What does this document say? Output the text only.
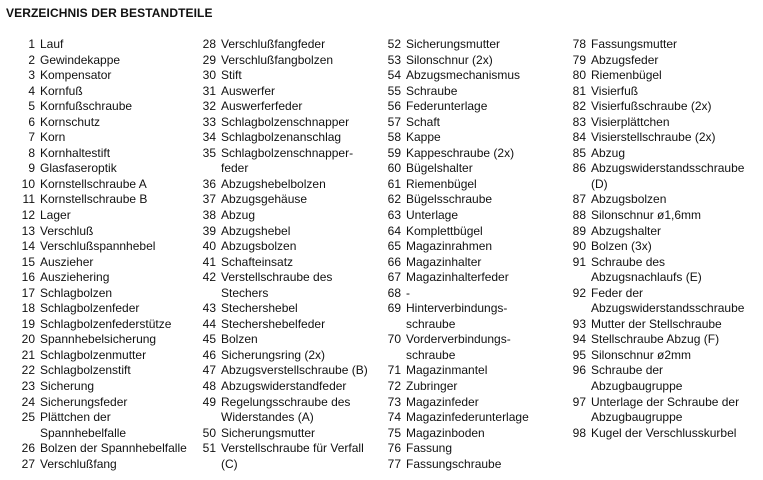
VERZEICHNIS DER BESTANDTEILE
1 Lauf
2 Gewindekappe
3 Kompensator
4 Kornfuß
5 Kornfußschraube
6 Kornschutz
7 Korn
8 Kornhaltestift
9 Glasfaseroptik
10 Kornstellschraube A
11 Kornstellschraube B
12 Lager
13 Verschluß
14 Verschlußspannhebel
15 Auszieher
16 Ausziehering
17 Schlagbolzen
18 Schlagbolzenfeder
19 Schlagbolzenfederstütze
20 Spannhebelsicherung
21 Schlagbolzenmutter
22 Schlagbolzenstift
23 Sicherung
24 Sicherungsfeder
25 Plättchen der
Spannhebelfalle
26 Bolzen der Spannhebelfalle
27 Verschlußfang
28 Verschlußfangfeder
29 Verschlußfangbolzen
30 Stift
31 Auswerfer
32 Auswerferfeder
33 Schlagbolzenschnapper
34 Schlagbolzenanschlag
35 Schlagbolzenschnapper-
feder
36 Abzugshebelbolzen
37 Abzugsgehäuse
38 Abzug
39 Abzugshebel
40 Abzugsbolzen
41 Schafteinsatz
42 Verstellschraube des
Stechers
43 Stechershebel
44 Stechershebelfeder
45 Bolzen
46 Sicherungsring (2x)
47 Abzugsverstellschraube (B)
48 Abzugswiderstandfeder
49 Regelungsschraube des
Widerstandes (A)
50 Sicherungsmutter
51 Verstellschraube für Verfall
(C)
52 Sicherungsmutter
53 Silonschnur (2x)
54 Abzugsmechanismus
55 Schraube
56 Federunterlage
57 Schaft
58 Kappe
59 Kappeschraube (2x)
60 Bügelshalter
61 Riemenbügel
62 Bügelsschraube
63 Unterlage
64 Komplettbügel
65 Magazinrahmen
66 Magazinhalter
67 Magazinhalterfeder
68 -
69 Hinterverbindungs-
schraube
70 Vorderverbindungs-
schraube
71 Magazinmantel
72 Zubringer
73 Magazinfeder
74 Magazinfederunterlage
75 Magazinboden
76 Fassung
77 Fassungschraube
78 Fassungsmutter
79 Abzugsfeder
80 Riemenbügel
81 Visierfuß
82 Visierfußschraube (2x)
83 Visierplättchen
84 Visierstellschraube (2x)
85 Abzug
86 Abzugswiderstandsschraube
(D)
87 Abzugsbolzen
88 Silonschnur ø1,6mm
89 Abzugshalter
90 Bolzen (3x)
91 Schraube des
Abzugsnachlaufs (E)
92 Feder der
Abzugswiderstandsschraube
93 Mutter der Stellschraube
94 Stellschraube Abzug (F)
95 Silonschnur ø2mm
96 Schraube der
Abzugbaugruppe
97 Unterlage der Schraube der
Abzugbaugruppe
98 Kugel der Verschlusskurbel
